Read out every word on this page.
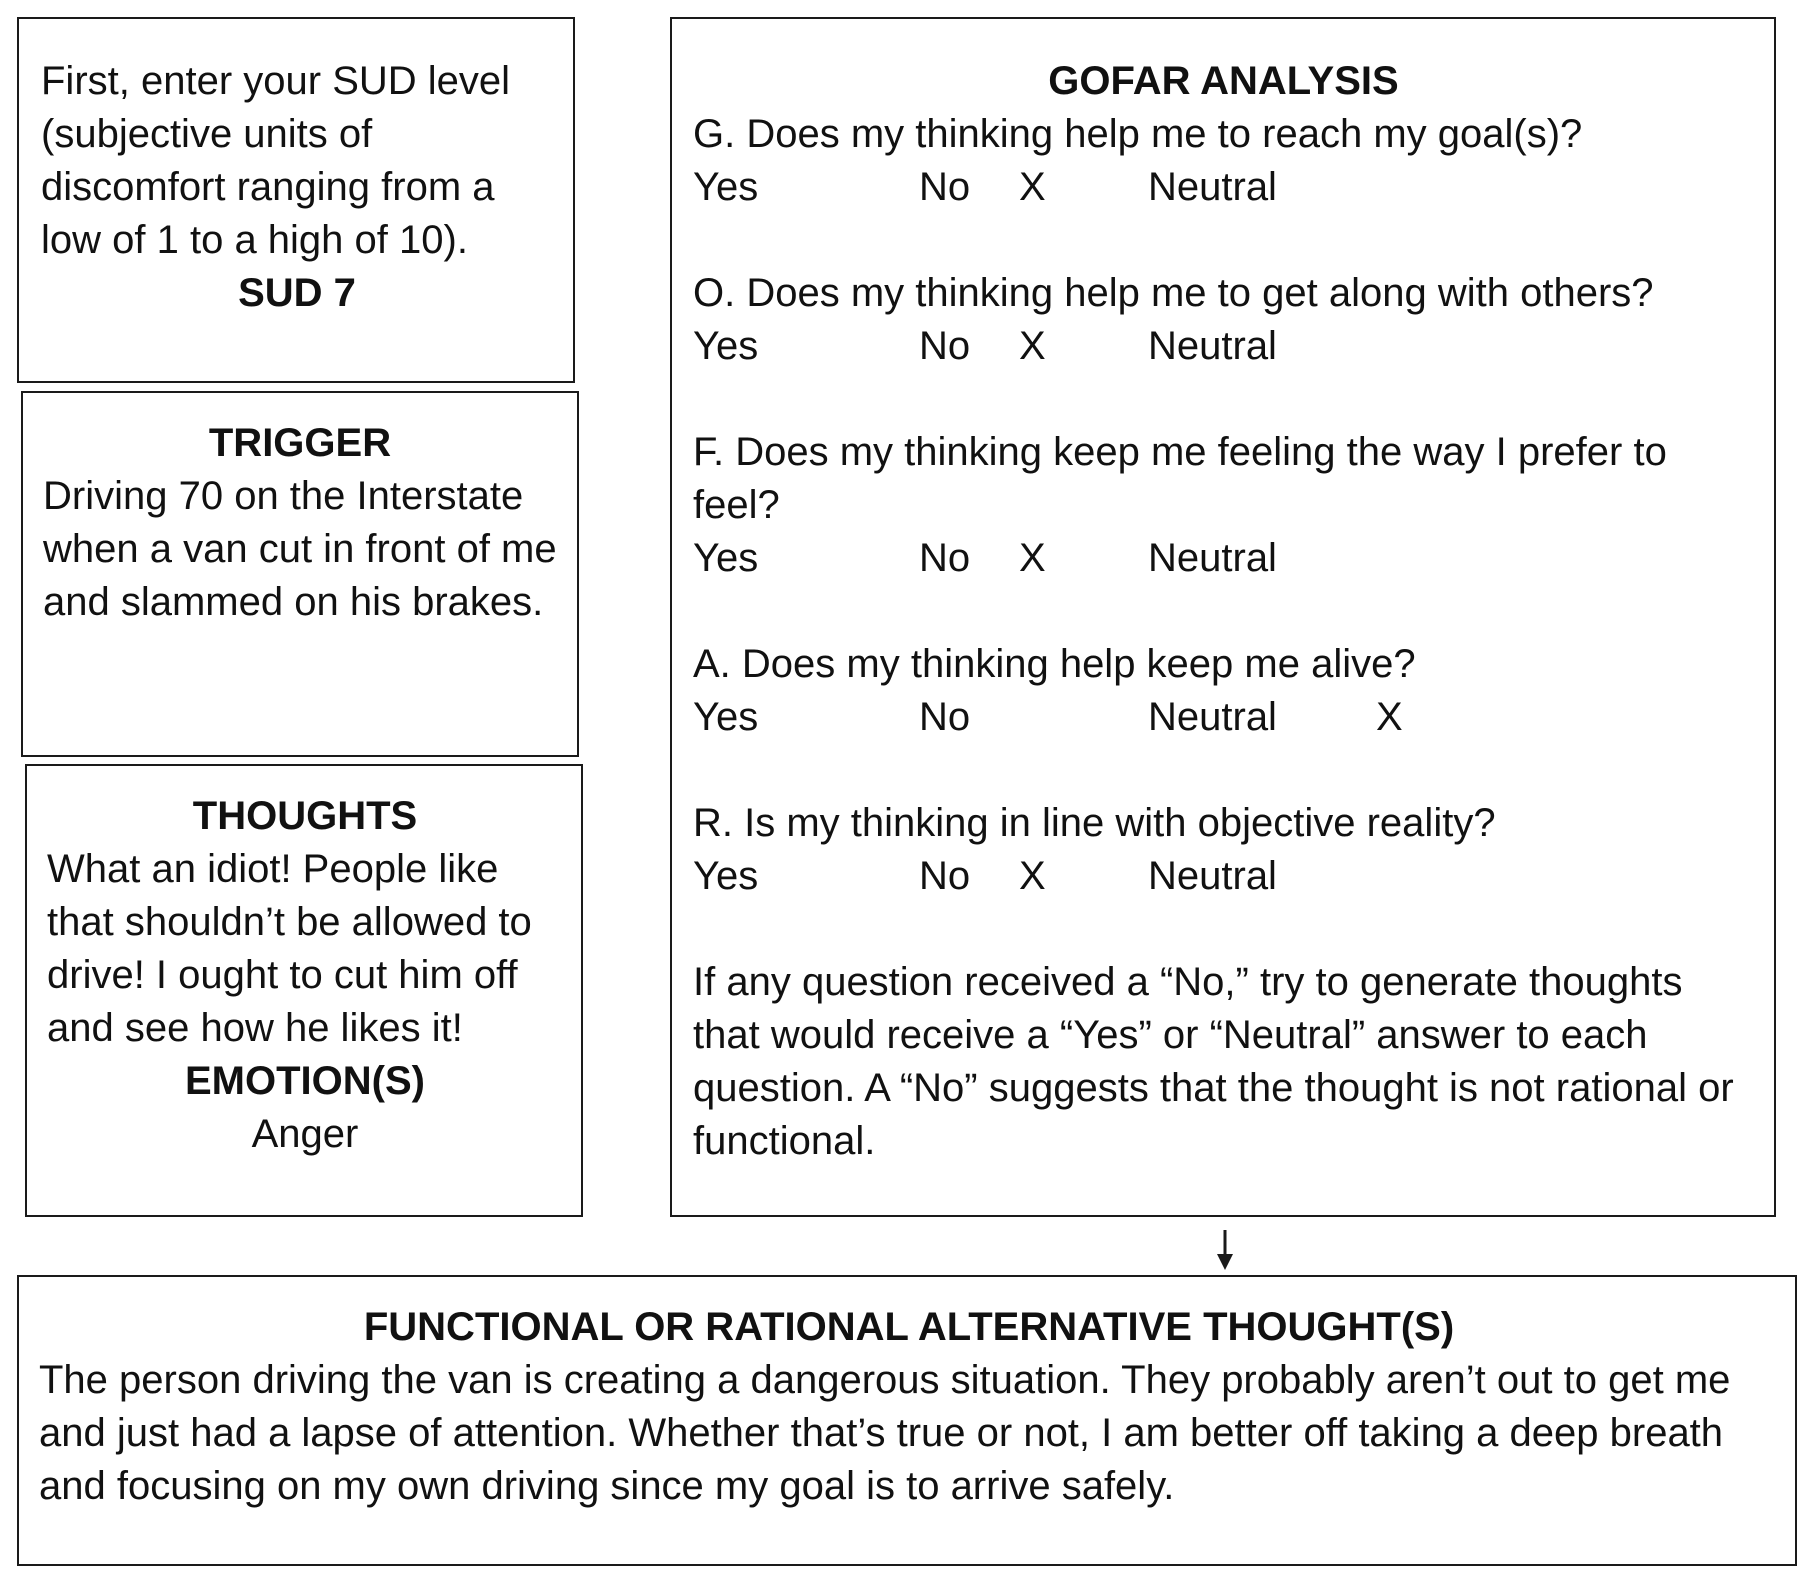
First, enter your SUD level (subjective units of discomfort ranging from a low of 1 to a high of 10).

SUD 7

TRIGGER

Driving 70 on the Interstate when a van cut in front of me and slammed on his brakes.

THOUGHTS

What an idiot! People like that shouldn’t be allowed to drive! I ought to cut him off and see how he likes it!

EMOTION(S)

Anger

GOFAR ANALYSIS

G. Does my thinking help me to reach my goal(s)?

Yes	No X	Neutral

O. Does my thinking help me to get along with others?

Yes	No X	Neutral

F. Does my thinking keep me feeling the way I prefer to feel?

Yes	No X	Neutral

A. Does my thinking help keep me alive?

Yes	No	Neutral X

R. Is my thinking in line with objective reality?

Yes	No X	Neutral

If any question received a “No,” try to generate thoughts that would receive a “Yes” or “Neutral” answer to each question. A “No” suggests that the thought is not rational or functional.

FUNCTIONAL OR RATIONAL ALTERNATIVE THOUGHT(S)

The person driving the van is creating a dangerous situation. They probably aren’t out to get me and just had a lapse of attention. Whether that’s true or not, I am better off taking a deep breath and focusing on my own driving since my goal is to arrive safely.
